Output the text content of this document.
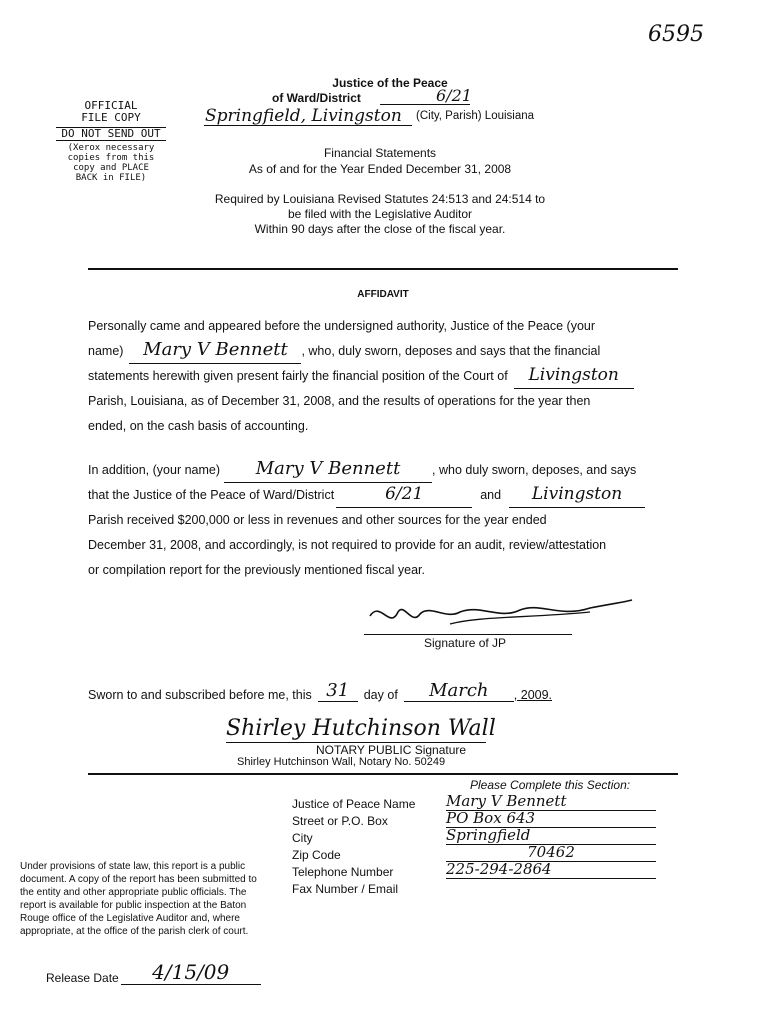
6595
OFFICIAL
FILE COPY
DO NOT SEND OUT
(Xerox necessary
copies from this
copy and PLACE
BACK in FILE)
Justice of the Peace
of Ward/District	6/21
Springfield, Livingston (City, Parish) Louisiana
Financial Statements
As of and for the Year Ended December 31, 2008
Required by Louisiana Revised Statutes 24:513 and 24:514 to
be filed with the Legislative Auditor
Within 90 days after the close of the fiscal year.
AFFIDAVIT
Personally came and appeared before the undersigned authority, Justice of the Peace (your
name)	Mary V Bennett	, who, duly sworn, deposes and says that the financial
statements herewith given present fairly the financial position of the Court of	Livingston
Parish, Louisiana, as of December 31, 2008, and the results of operations for the year then
ended, on the cash basis of accounting.
In addition, (your name)	Mary V Bennett	, who duly sworn, deposes, and says
that the Justice of the Peace of Ward/District	6/21	and	Livingston
Parish received $200,000 or less in revenues and other sources for the year ended
December 31, 2008, and accordingly, is not required to provide for an audit, review/attestation
or compilation report for the previously mentioned fiscal year.
Signature of JP
Sworn to and subscribed before me, this 31	day of	March	, 2009.
Shirley Hutchinson Wall
NOTARY PUBLIC Signature
Shirley Hutchinson Wall, Notary No. 50249
Please Complete this Section:
Justice of Peace Name	Mary V Bennett
Street or P.O. Box	PO Box 643
City	Springfield
Zip Code	70462
Telephone Number	225-294-2864
Fax Number / Email
Under provisions of state law, this report is a public
document. A copy of the report has been submitted to
the entity and other appropriate public officials. The
report is available for public inspection at the Baton
Rouge office of the Legislative Auditor and, where
appropriate, at the office of the parish clerk of court.
Release Date	4/15/09
